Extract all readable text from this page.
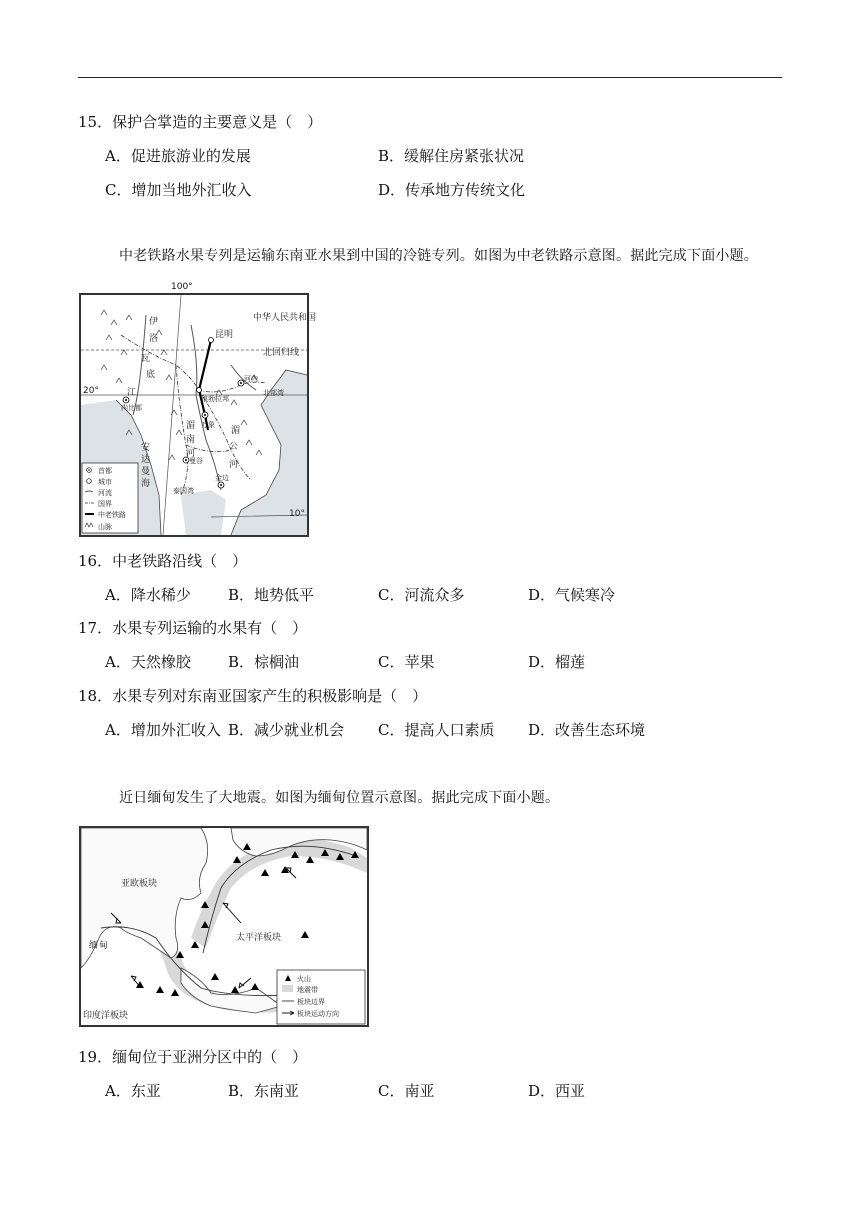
15．保护合掌造的主要意义是（　）
A．促进旅游业的发展	B．缓解住房紧张状况
C．增加当地外汇收入	D．传承地方传统文化
中老铁路水果专列是运输东南亚水果到中国的冷链专列。如图为中老铁路示意图。据此完成下面小题。
中华人民共和国
昆明
北回归线
20°
10°
伊
洛
瓦
底
江
内比都
河内
北部湾
琅勃拉邦
万象
湄
南
河
湄
公
河
曼谷
安
达
曼
海
泰国湾
金边
首都
城市
河流
国界
中老铁路
山脉
100°
16．中老铁路沿线（　）
A．降水稀少 B．地势低平	C．河流众多	D．气候寒冷
17．水果专列运输的水果有（　）
A．天然橡胶 B．棕榈油	C．苹果	D．榴莲
18．水果专列对东南亚国家产生的积极影响是（　）
A．增加外汇收入 B．减少就业机会 C．提高人口素质 D．改善生态环境
近日缅甸发生了大地震。如图为缅甸位置示意图。据此完成下面小题。
亚欧板块
缅 甸
太平洋板块
印度洋板块
火山
地震带
板块边界
板块运动方向
19．缅甸位于亚洲分区中的（　）
A．东亚	B．东南亚	C．南亚	D．西亚
